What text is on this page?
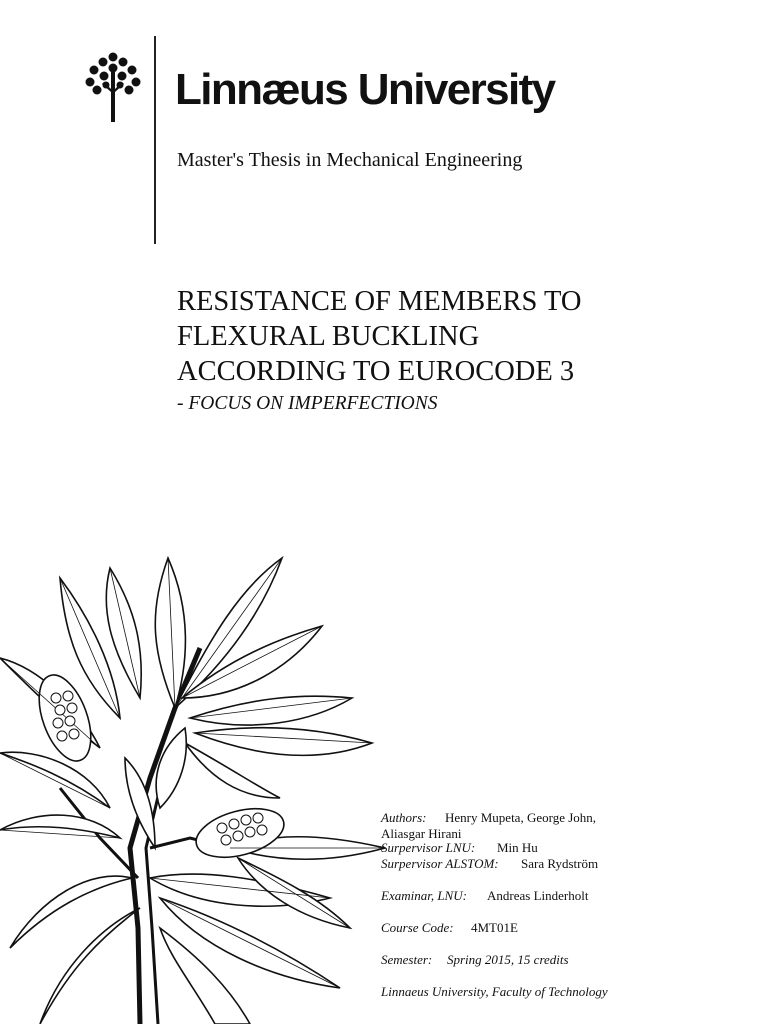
Linnæus University
Master's Thesis in Mechanical Engineering
RESISTANCE OF MEMBERS TO
FLEXURAL BUCKLING
ACCORDING TO EUROCODE 3
- FOCUS ON IMPERFECTIONS
Authors: Henry Mupeta, George John,
Aliasgar Hirani
Surpervisor LNU: Min Hu
Surpervisor ALSTOM: Sara Rydström
Examinar, LNU: Andreas Linderholt
Course Code: 4MT01E
Semester: Spring 2015, 15 credits
Linnaeus University, Faculty of Technology
